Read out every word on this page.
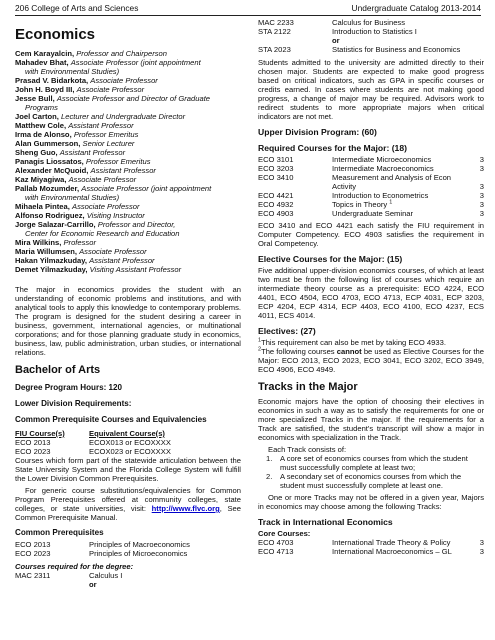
206 College of Arts and Sciences	Undergraduate Catalog 2013-2014
Economics
Cem Karayalcin, Professor and Chairperson
Mahadev Bhat, Associate Professor (joint appointment
with Environmental Studies)
Prasad V. Bidarkota, Associate Professor
John H. Boyd III, Associate Professor
Jesse Bull, Associate Professor and Director of Graduate
Programs
Joel Carton, Lecturer and Undergraduate Director
Matthew Cole, Assistant Professor
Irma de Alonso, Professor Emeritus
Alan Gummerson, Senior Lecturer
Sheng Guo, Assistant Professor
Panagis Liossatos, Professor Emeritus
Alexander McQuoid, Assistant Professor
Kaz Miyagiwa, Associate Professor
Pallab Mozumder, Associate Professor (joint appointment
with Environmental Studies)
Mihaela Pintea, Associate Professor
Alfonso Rodriguez, Visiting Instructor
Jorge Salazar-Carrillo, Professor and Director,
Center for Economic Research and Education
Mira Wilkins, Professor
Maria Willumsen, Associate Professor
Hakan Yilmazkuday, Assistant Professor
Demet Yilmazkuday, Visiting Assistant Professor

The major in economics provides the student with an understanding of economic problems and institutions, and with analytical tools to apply this knowledge to contemporary problems. The program is designed for the student desiring a career in business, government, international agencies, or multinational corporations; and for those planning graduate study in economics, business, law, public administration, urban studies, or international relations.

Bachelor of Arts
Degree Program Hours: 120
Lower Division Requirements:
Common Prerequisite Courses and Equivalencies
FIU Course(s)	Equivalent Course(s)
ECO 2013	ECOX013 or ECOXXXX
ECO 2023	ECOX023 or ECOXXXX

Courses which form part of the statewide articulation between the State University System and the Florida College System will fulfill the Lower Division Common Prerequisites.

For generic course substitutions/equivalencies for Common Program Prerequisites offered at community colleges, state colleges, or state universities, visit: http://www.flvc.org, See Common Prerequisite Manual.

Common Prerequisites
ECO 2013	Principles of Macroeconomics
ECO 2023	Principles of Microeconomics
Courses required for the degree:
MAC 2311	Calculus I
or
MAC 2233	Calculus for Business
STA 2122	Introduction to Statistics I
or
STA 2023	Statistics for Business and Economics

Students admitted to the university are admitted directly to their chosen major. Students are expected to make good progress based on critical indicators, such as GPA in specific courses or credits earned. In cases where students are not making good progress, a change of major may be required. Advisors work to redirect students to more appropriate majors when critical indicators are not met.

Upper Division Program: (60)
Required Courses for the Major: (18)
ECO 3101	Intermediate Microeconomics	3
ECO 3203	Intermediate Macroeconomics	3
ECO 3410	Measurement and Analysis of Econ
Activity	3
ECO 4421	Introduction to Econometrics	3
ECO 4932	Topics in Theory $^1$	3
ECO 4903	Undergraduate Seminar	3

ECO 3410 and ECO 4421 each satisfy the FIU requirement in Computer Competency. ECO 4903 satisfies the requirement in Oral Competency.

Elective Courses for the Major: (15)

Five additional upper-division economics courses, of which at least two must be from the following list of courses which require an intermediate theory course as a prerequisite: ECO 4224, ECO 4401, ECO 4504, ECO 4703, ECO 4713, ECP 4031, ECP 3203, ECP 4204, ECP 4314, ECP 4403, ECO 4100, ECO 4237, ECS 4011, ECS 4014.

Electives: (27)

$^1$This requirement can also be met by taking ECO 4933.

$^2$The following courses cannot be used as Elective Courses for the Major: ECO 2013, ECO 2023, ECO 3041, ECO 3202, ECO 3949, ECO 4906, ECO 4949.

Tracks in the Major

Economic majors have the option of choosing their electives in economics in such a way as to satisfy the requirements for one or more specialized Tracks in the major. If the requirements for a Track are satisfied, the student's transcript will show a major in economics with specialization in the Track.

Each Track consists of:
1.	A core set of economics courses from which the student must successfully complete at least two;
2.	A secondary set of economics courses from which the student must successfully complete at least one.

One or more Tracks may not be offered in a given year, Majors in economics may choose among the following Tracks:

Track in International Economics
Core Courses:
ECO 4703	International Trade Theory & Policy	3
ECO 4713	International Macroeconomics – GL	3
